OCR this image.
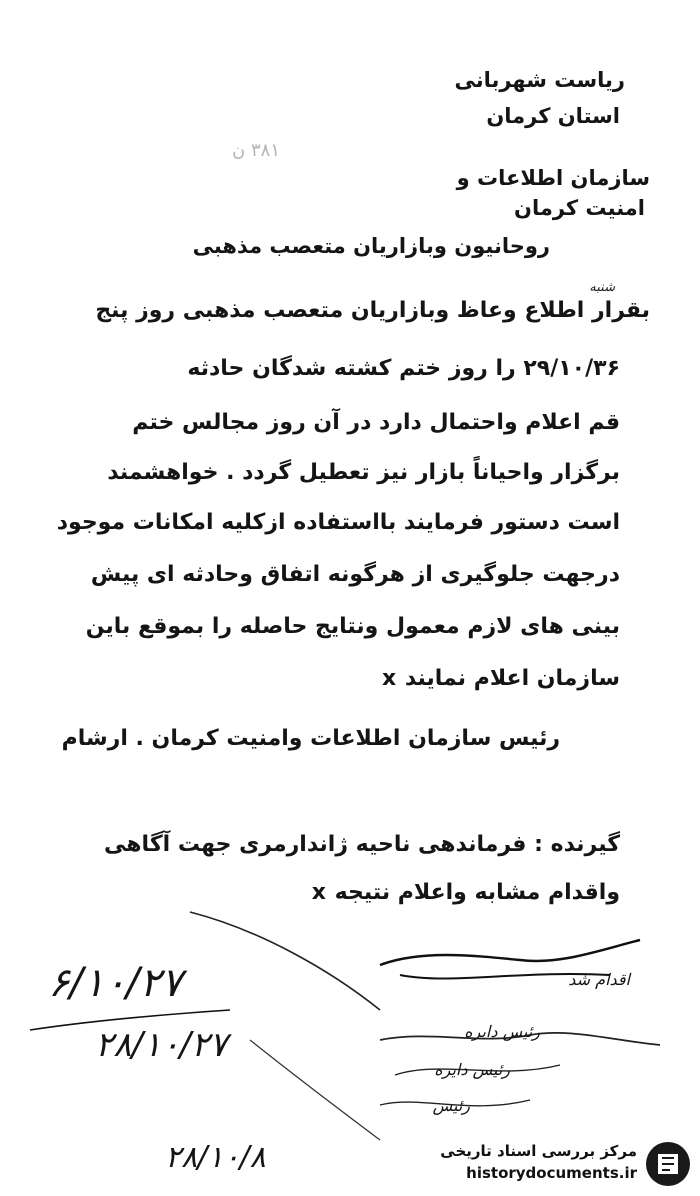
ریاست شهربانی
استان کرمان
سازمان اطلاعات و
امنیت کرمان
۳۸۱ ن
روحانیون وبازاریان متعصب مذهبی
شنبه
بقرار اطلاع وعاظ وبازاریان متعصب مذهبی روز پنج
۲۹/۱۰/۳۶ را روز ختم کشته شدگان حادثه
قم اعلام واحتمال دارد در آن روز مجالس ختم
برگزار واحیاناً بازار نیز تعطیل گردد . خواهشمند
است دستور فرمایند بااستفاده ازکلیه امکانات موجود
درجهت جلوگیری از هرگونه اتفاق وحادثه ای پیش
بینی های لازم معمول ونتایج حاصله را بموقع باین
سازمان اعلام نمایند x
رئیس سازمان اطلاعات وامنیت کرمان . ارشام
گیرنده : فرماندهی ناحیه ژاندارمری جهت آگاهی
واقدام مشابه واعلام نتیجه x
۶/۱۰/۲۷
۲۸/۱۰/۲۷
۲۸/۱۰/۸
اقدام شد
رئیس دایره
رئیس دایره
رئیس
مرکز بررسی اسناد تاریخی
historydocuments.ir
